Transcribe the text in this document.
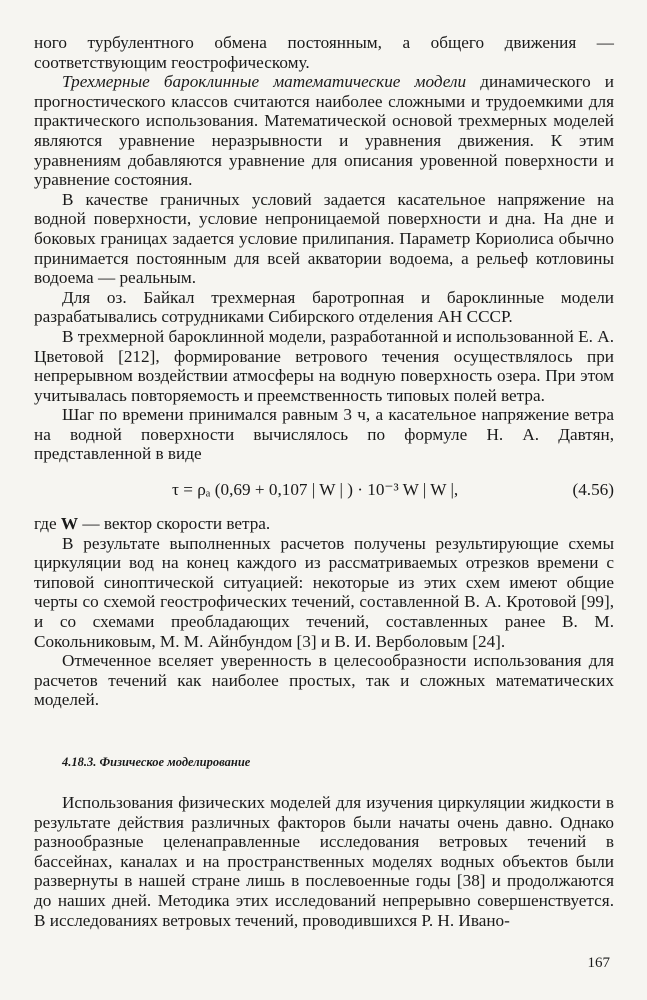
ного турбулентного обмена постоянным, а общего движения — соответствующим геострофическому.

Трехмерные бароклинные математические модели динамического и прогностического классов считаются наиболее сложными и трудоемкими для практического использования. Математической основой трехмерных моделей являются уравнение неразрывности и уравнения движения. К этим уравнениям добавляются уравнение для описания уровенной поверхности и уравнение состояния.

В качестве граничных условий задается касательное напряжение на водной поверхности, условие непроницаемой поверхности и дна. На дне и боковых границах задается условие прилипания. Параметр Кориолиса обычно принимается постоянным для всей акватории водоема, а рельеф котловины водоема — реальным.

Для оз. Байкал трехмерная баротропная и бароклинные модели разрабатывались сотрудниками Сибирского отделения АН СССР.

В трехмерной бароклинной модели, разработанной и использованной Е. А. Цветовой [212], формирование ветрового течения осуществлялось при непрерывном воздействии атмосферы на водную поверхность озера. При этом учитывалась повторяемость и преемственность типовых полей ветра.

Шаг по времени принимался равным 3 ч, а касательное напряжение ветра на водной поверхности вычислялось по формуле Н. А. Давтян, представленной в виде

τ = ρₐ (0,69 + 0,107 | W | ) · 10⁻³ W | W |,	(4.56)

где W — вектор скорости ветра.

В результате выполненных расчетов получены результирующие схемы циркуляции вод на конец каждого из рассматриваемых отрезков времени с типовой синоптической ситуацией: некоторые из этих схем имеют общие черты со схемой геострофических течений, составленной В. А. Кротовой [99], и со схемами преобладающих течений, составленных ранее В. М. Сокольниковым, М. М. Айнбундом [3] и В. И. Верболовым [24].

Отмеченное вселяет уверенность в целесообразности использования для расчетов течений как наиболее простых, так и сложных математических моделей.

4.18.3. Физическое моделирование

Использования физических моделей для изучения циркуляции жидкости в результате действия различных факторов были начаты очень давно. Однако разнообразные целенаправленные исследования ветровых течений в бассейнах, каналах и на пространственных моделях водных объектов были развернуты в нашей стране лишь в послевоенные годы [38] и продолжаются до наших дней. Методика этих исследований непрерывно совершенствуется. В исследованиях ветровых течений, проводившихся Р. Н. Ивано-

167
